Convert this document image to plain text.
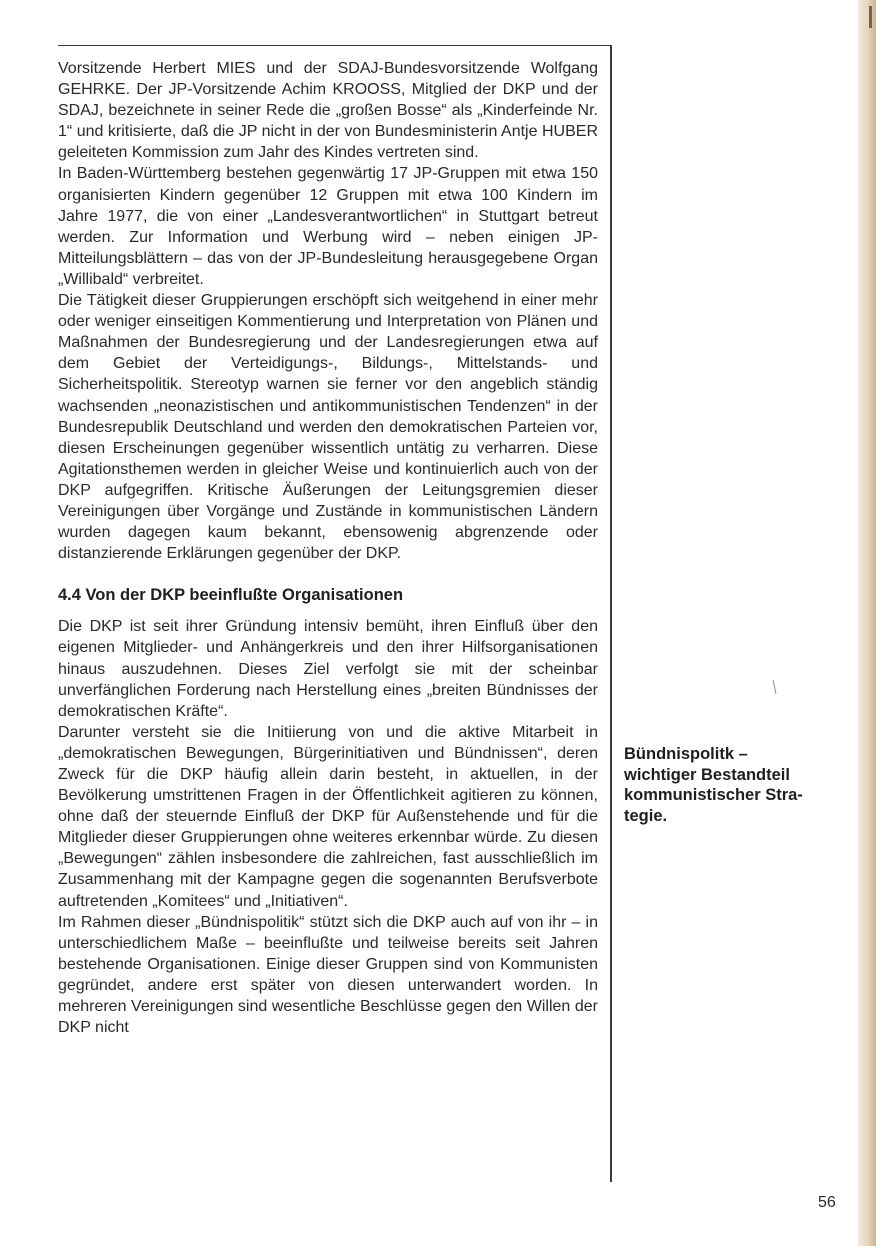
Vorsitzende Herbert MIES und der SDAJ-Bundesvorsitzende Wolfgang GEHRKE. Der JP-Vorsitzende Achim KROOSS, Mitglied der DKP und der SDAJ, bezeichnete in seiner Rede die „großen Bosse“ als „Kinderfeinde Nr. 1“ und kritisierte, daß die JP nicht in der von Bundesministerin Antje HUBER geleiteten Kommission zum Jahr des Kindes vertreten sind.

In Baden-Württemberg bestehen gegenwärtig 17 JP-Gruppen mit etwa 150 organisierten Kindern gegenüber 12 Gruppen mit etwa 100 Kindern im Jahre 1977, die von einer „Landesverantwortlichen“ in Stuttgart betreut werden. Zur Information und Werbung wird – neben einigen JP-Mitteilungsblättern – das von der JP-Bundesleitung herausgegebene Organ „Willibald“ verbreitet.

Die Tätigkeit dieser Gruppierungen erschöpft sich weitgehend in einer mehr oder weniger einseitigen Kommentierung und Interpretation von Plänen und Maßnahmen der Bundesregierung und der Landesregierungen etwa auf dem Gebiet der Verteidigungs-, Bildungs-, Mittelstands- und Sicherheitspolitik. Stereotyp warnen sie ferner vor den angeblich ständig wachsenden „neonazistischen und antikommunistischen Tendenzen“ in der Bundesrepublik Deutschland und werden den demokratischen Parteien vor, diesen Erscheinungen gegenüber wissentlich untätig zu verharren. Diese Agitationsthemen werden in gleicher Weise und kontinuierlich auch von der DKP aufgegriffen. Kritische Äußerungen der Leitungsgremien dieser Vereinigungen über Vorgänge und Zustände in kommunistischen Ländern wurden dagegen kaum bekannt, ebensowenig abgrenzende oder distanzierende Erklärungen gegenüber der DKP.

4.4 Von der DKP beeinflußte Organisationen

Die DKP ist seit ihrer Gründung intensiv bemüht, ihren Einfluß über den eigenen Mitglieder- und Anhängerkreis und den ihrer Hilfsorganisationen hinaus auszudehnen. Dieses Ziel verfolgt sie mit der scheinbar unverfänglichen Forderung nach Herstellung eines „breiten Bündnisses der demokratischen Kräfte“.

Darunter versteht sie die Initiierung von und die aktive Mitarbeit in „demokratischen Bewegungen, Bürgerinitiativen und Bündnissen“, deren Zweck für die DKP häufig allein darin besteht, in aktuellen, in der Bevölkerung umstrittenen Fragen in der Öffentlichkeit agitieren zu können, ohne daß der steuernde Einfluß der DKP für Außenstehende und für die Mitglieder dieser Gruppierungen ohne weiteres erkennbar würde. Zu diesen „Bewegungen“ zählen insbesondere die zahlreichen, fast ausschließlich im Zusammenhang mit der Kampagne gegen die sogenannten Berufsverbote auftretenden „Komitees“ und „Initiativen“.

Im Rahmen dieser „Bündnispolitik“ stützt sich die DKP auch auf von ihr – in unterschiedlichem Maße – beeinflußte und teilweise bereits seit Jahren bestehende Organisationen. Einige dieser Gruppen sind von Kommunisten gegründet, andere erst später von diesen unterwandert worden. In mehreren Vereinigungen sind wesentliche Beschlüsse gegen den Willen der DKP nicht

Bündnispolitk –
wichtiger Bestandteil
kommunistischer Stra-
tegie.
56
